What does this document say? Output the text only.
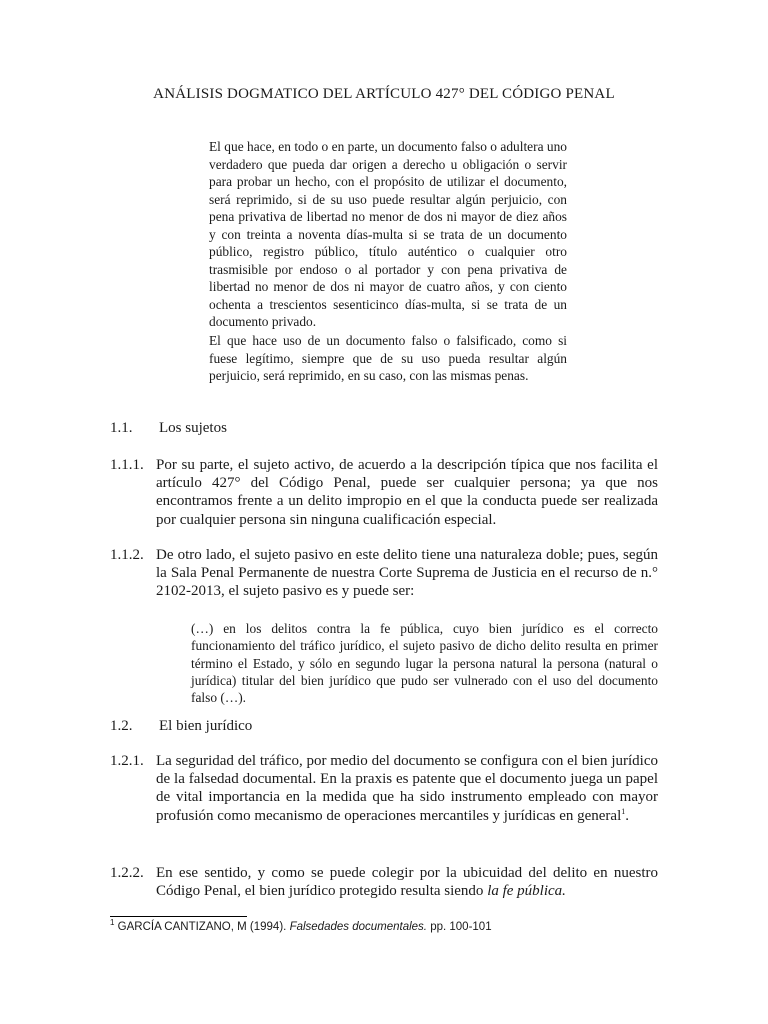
ANÁLISIS DOGMATICO DEL ARTÍCULO 427° DEL CÓDIGO PENAL

El que hace, en todo o en parte, un documento falso o adultera uno verdadero que pueda dar origen a derecho u obligación o servir para probar un hecho, con el propósito de utilizar el documento, será reprimido, si de su uso puede resultar algún perjuicio, con pena privativa de libertad no menor de dos ni mayor de diez años y con treinta a noventa días-multa si se trata de un documento público, registro público, título auténtico o cualquier otro trasmisible por endoso o al portador y con pena privativa de libertad no menor de dos ni mayor de cuatro años, y con ciento ochenta a trescientos sesenticinco días-multa, si se trata de un documento privado.

El que hace uso de un documento falso o falsificado, como si fuese legítimo, siempre que de su uso pueda resultar algún perjuicio, será reprimido, en su caso, con las mismas penas.

1.1. Los sujetos
1.1.1. Por su parte, el sujeto activo, de acuerdo a la descripción típica que nos facilita el artículo 427° del Código Penal, puede ser cualquier persona; ya que nos encontramos frente a un delito impropio en el que la conducta puede ser realizada por cualquier persona sin ninguna cualificación especial.

1.1.2. De otro lado, el sujeto pasivo en este delito tiene una naturaleza doble; pues, según la Sala Penal Permanente de nuestra Corte Suprema de Justicia en el recurso de n.° 2102-2013, el sujeto pasivo es y puede ser:

(…) en los delitos contra la fe pública, cuyo bien jurídico es el correcto funcionamiento del tráfico jurídico, el sujeto pasivo de dicho delito resulta en primer término el Estado, y sólo en segundo lugar la persona natural la persona (natural o jurídica) titular del bien jurídico que pudo ser vulnerado con el uso del documento falso (…).

1.2. El bien jurídico
1.2.1. La seguridad del tráfico, por medio del documento se configura con el bien jurídico de la falsedad documental. En la praxis es patente que el documento juega un papel de vital importancia en la medida que ha sido instrumento empleado con mayor profusión como mecanismo de operaciones mercantiles y jurídicas en general$^1$.

1.2.2. En ese sentido, y como se puede colegir por la ubicuidad del delito en nuestro Código Penal, el bien jurídico protegido resulta siendo la fe pública.

$^1$ GARCÍA CANTIZANO, M (1994). Falsedades documentales. pp. 100-101
